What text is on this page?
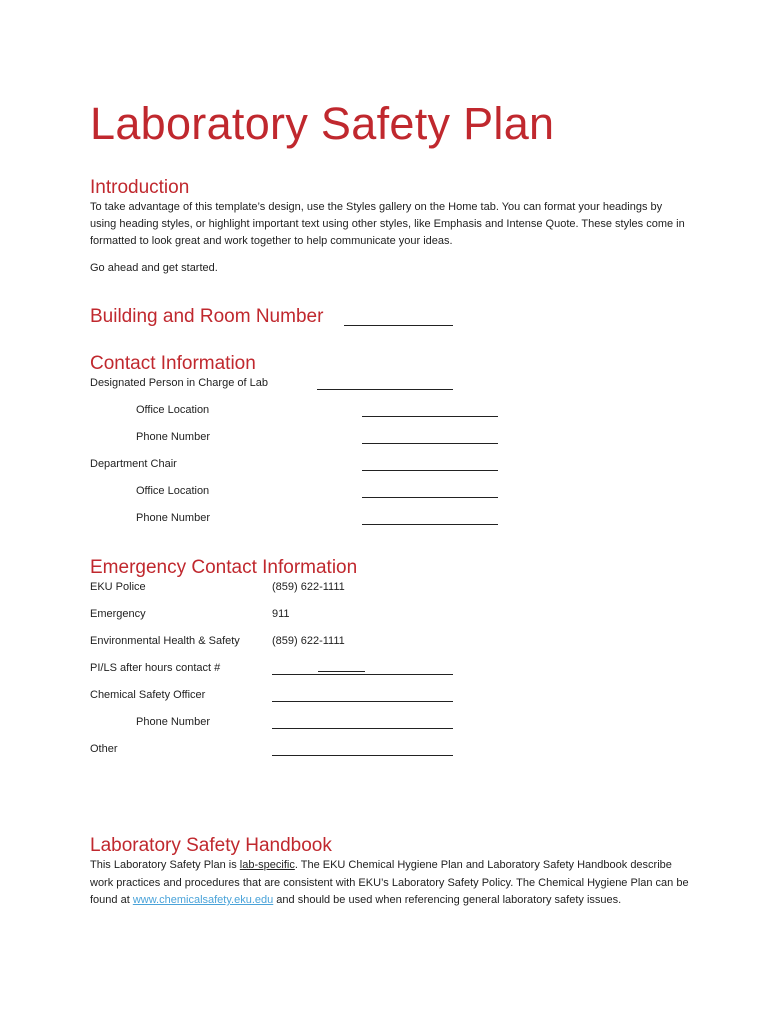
Laboratory Safety Plan
Introduction
To take advantage of this template’s design, use the Styles gallery on the Home tab. You can format your headings by using heading styles, or highlight important text using other styles, like Emphasis and Intense Quote. These styles come in formatted to look great and work together to help communicate your ideas.
Go ahead and get started.
Building and Room Number
Contact Information
Designated Person in Charge of Lab
Office Location
Phone Number
Department Chair
Office Location
Phone Number
Emergency Contact Information
EKU Police	(859) 622-1111
Emergency	911
Environmental Health & Safety	(859) 622-1111
PI/LS after hours contact #
Chemical Safety Officer
Phone Number
Other
Laboratory Safety Handbook
This Laboratory Safety Plan is lab-specific. The EKU Chemical Hygiene Plan and Laboratory Safety Handbook describe work practices and procedures that are consistent with EKU’s Laboratory Safety Policy. The Chemical Hygiene Plan can be found at www.chemicalsafety.eku.edu and should be used when referencing general laboratory safety issues.
